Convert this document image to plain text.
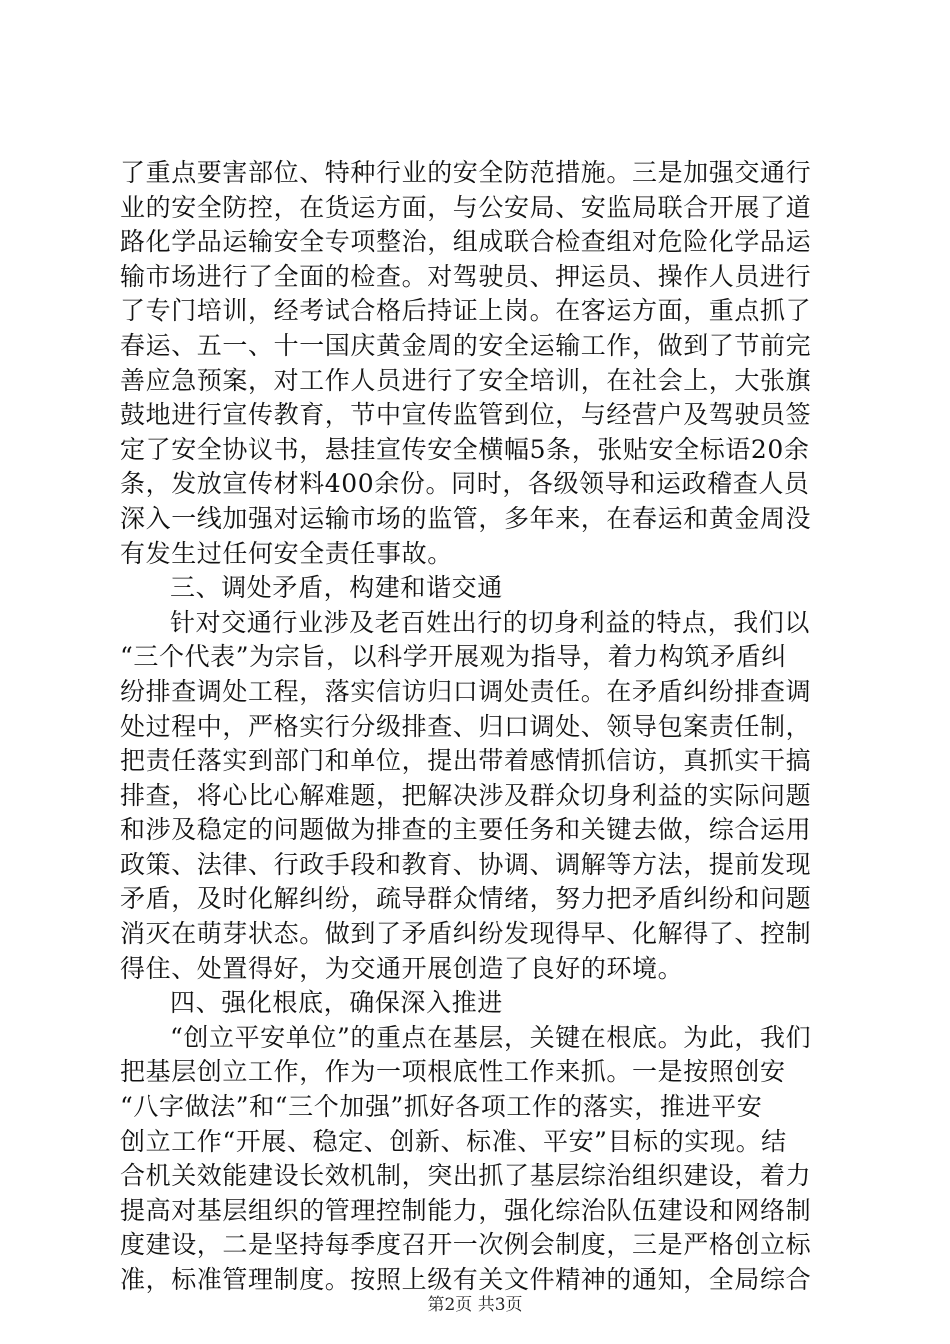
了重点要害部位、特种行业的安全防范措施。三是加强交通行
业的安全防控，在货运方面，与公安局、安监局联合开展了道
路化学品运输安全专项整治，组成联合检查组对危险化学品运
输市场进行了全面的检查。对驾驶员、押运员、操作人员进行
了专门培训，经考试合格后持证上岗。在客运方面，重点抓了
春运、五一、十一国庆黄金周的安全运输工作，做到了节前完
善应急预案，对工作人员进行了安全培训，在社会上，大张旗
鼓地进行宣传教育，节中宣传监管到位，与经营户及驾驶员签
定了安全协议书，悬挂宣传安全横幅5条，张贴安全标语20余
条，发放宣传材料400余份。同时，各级领导和运政稽查人员
深入一线加强对运输市场的监管，多年来，在春运和黄金周没
有发生过任何安全责任事故。
三、调处矛盾，构建和谐交通
针对交通行业涉及老百姓出行的切身利益的特点，我们以
“三个代表”为宗旨，以科学开展观为指导，着力构筑矛盾纠
纷排查调处工程，落实信访归口调处责任。在矛盾纠纷排查调
处过程中，严格实行分级排查、归口调处、领导包案责任制，
把责任落实到部门和单位，提出带着感情抓信访，真抓实干搞
排查，将心比心解难题，把解决涉及群众切身利益的实际问题
和涉及稳定的问题做为排查的主要任务和关键去做，综合运用
政策、法律、行政手段和教育、协调、调解等方法，提前发现
矛盾，及时化解纠纷，疏导群众情绪，努力把矛盾纠纷和问题
消灭在萌芽状态。做到了矛盾纠纷发现得早、化解得了、控制
得住、处置得好，为交通开展创造了良好的环境。
四、强化根底，确保深入推进
“创立平安单位”的重点在基层，关键在根底。为此，我们
把基层创立工作，作为一项根底性工作来抓。一是按照创安
“八字做法”和“三个加强”抓好各项工作的落实，推进平安
创立工作“开展、稳定、创新、标准、平安”目标的实现。结
合机关效能建设长效机制，突出抓了基层综治组织建设，着力
提高对基层组织的管理控制能力，强化综治队伍建设和网络制
度建设，二是坚持每季度召开一次例会制度，三是严格创立标
准，标准管理制度。按照上级有关文件精神的通知，全局综合
第2页 共3页
